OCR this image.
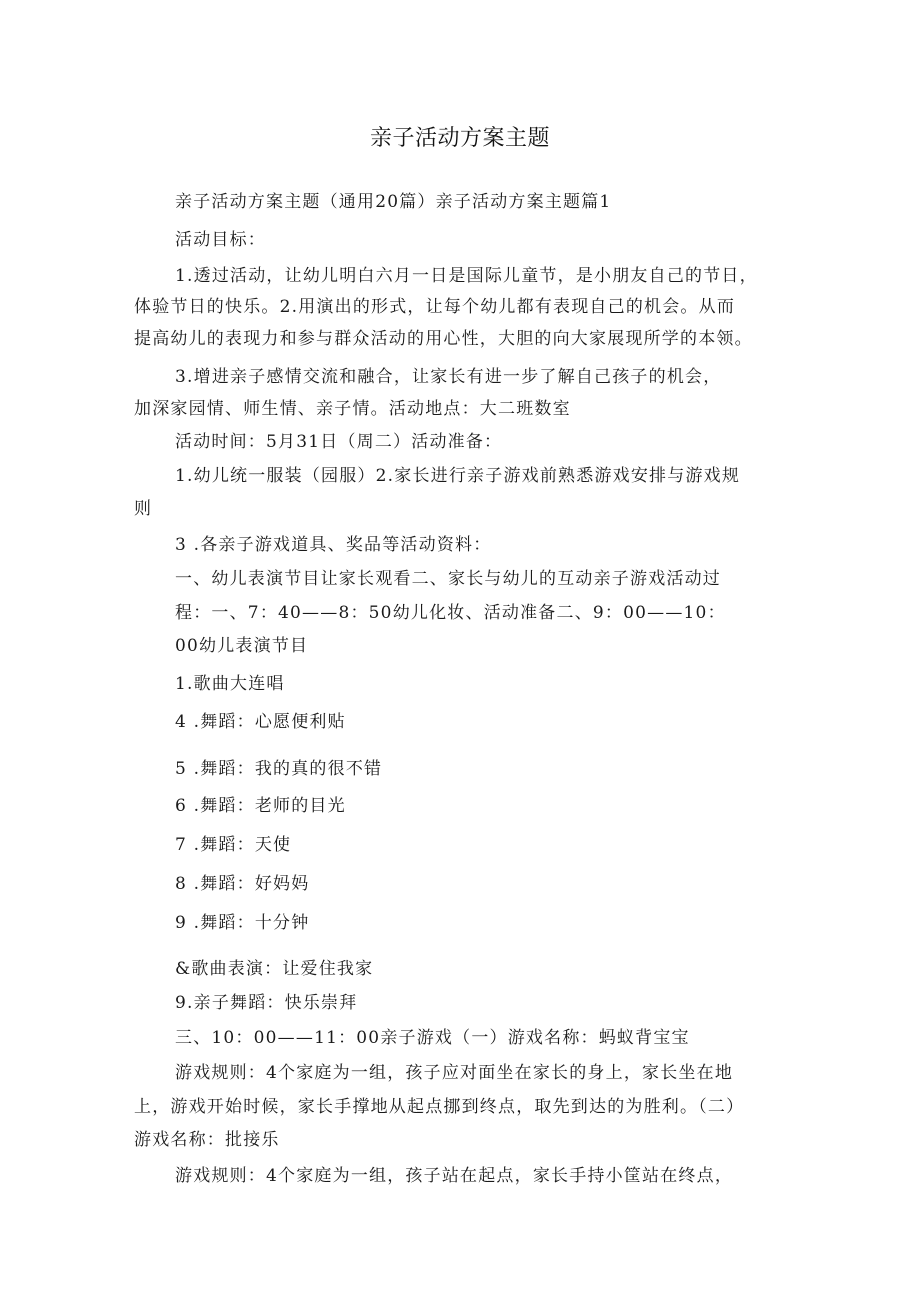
亲子活动方案主题
亲子活动方案主题（通用20篇）亲子活动方案主题篇1
活动目标：
1.透过活动，让幼儿明白六月一日是国际儿童节，是小朋友自己的节日，
体验节日的快乐。2.用演出的形式，让每个幼儿都有表现自己的机会。从而
提高幼儿的表现力和参与群众活动的用心性，大胆的向大家展现所学的本领。
3.增进亲子感情交流和融合，让家长有进一步了解自己孩子的机会，
加深家园情、师生情、亲子情。活动地点：大二班数室
活动时间：5月31日（周二）活动准备：
1.幼儿统一服装（园服）2.家长进行亲子游戏前熟悉游戏安排与游戏规
则
3 .各亲子游戏道具、奖品等活动资料：
一、幼儿表演节目让家长观看二、家长与幼儿的互动亲子游戏活动过
程：一、7：40——8：50幼儿化妆、活动准备二、9：00——10：
00幼儿表演节目
1.歌曲大连唱
4 .舞蹈：心愿便利贴
5 .舞蹈：我的真的很不错
6 .舞蹈：老师的目光
7 .舞蹈：天使
8 .舞蹈：好妈妈
9 .舞蹈：十分钟
&歌曲表演：让爱住我家
9.亲子舞蹈：快乐崇拜
三、10：00——11：00亲子游戏（一）游戏名称：蚂蚁背宝宝
游戏规则：4个家庭为一组，孩子应对面坐在家长的身上，家长坐在地
上，游戏开始时候，家长手撑地从起点挪到终点，取先到达的为胜利。（二）
游戏名称：批接乐
游戏规则：4个家庭为一组，孩子站在起点，家长手持小筐站在终点，
